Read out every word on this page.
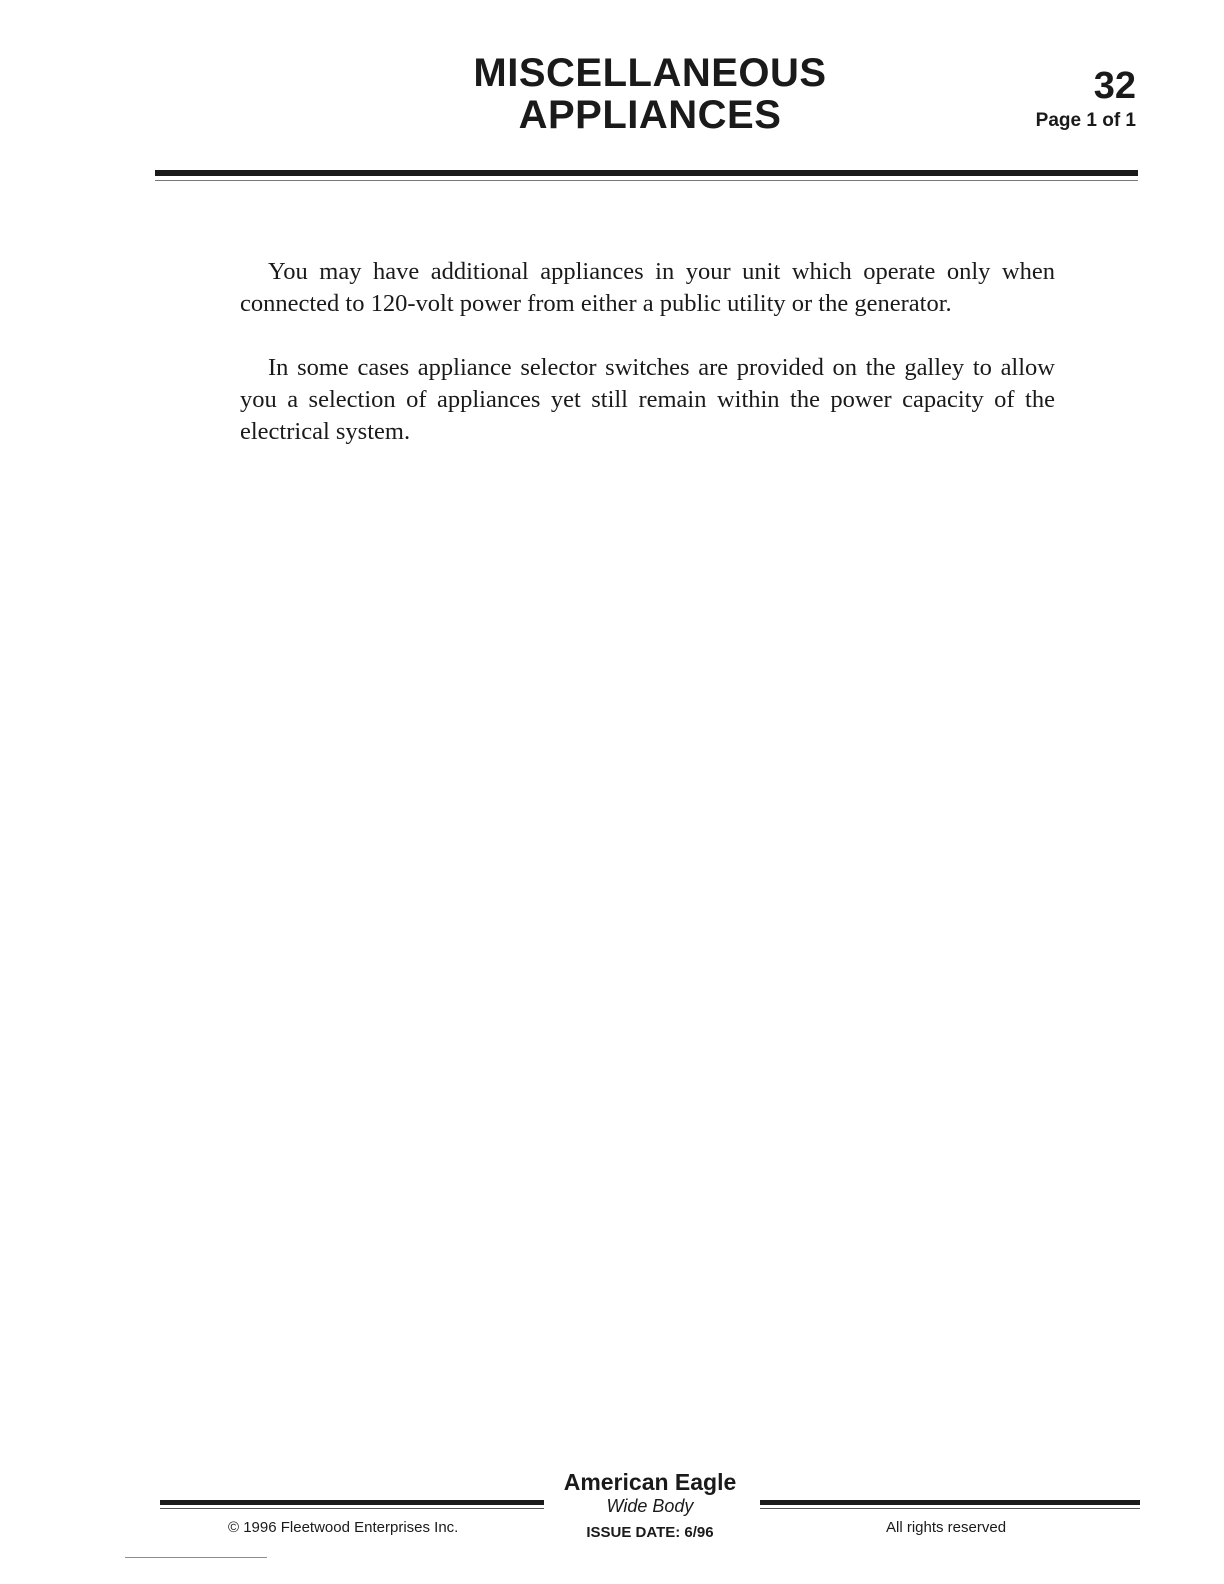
MISCELLANEOUS
APPLIANCES
32
Page 1 of 1

You may have additional appliances in your unit which operate only when connected to 120-volt power from either a public utility or the generator.

In some cases appliance selector switches are provided on the galley to allow you a selection of appliances yet still remain within the power capacity of the electrical system.

American Eagle
Wide Body
ISSUE DATE: 6/96
© 1996 Fleetwood Enterprises Inc.	All rights reserved
